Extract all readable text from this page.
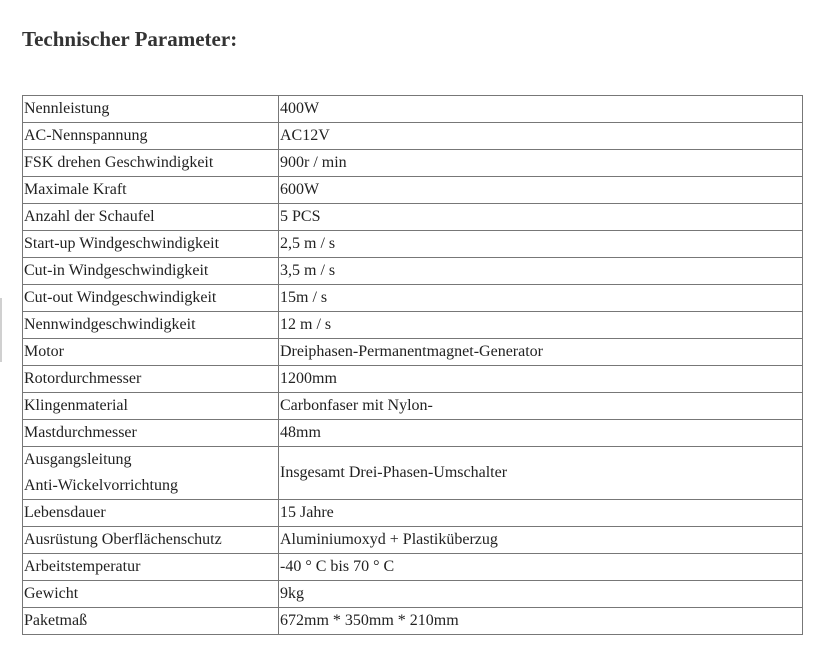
Technischer Parameter:
Nennleistung	400W
AC-Nennspannung	AC12V
FSK drehen Geschwindigkeit	900r / min
Maximale Kraft	600W
Anzahl der Schaufel	5 PCS
Start-up Windgeschwindigkeit	2,5 m / s
Cut-in Windgeschwindigkeit	3,5 m / s
Cut-out Windgeschwindigkeit	15m / s
Nennwindgeschwindigkeit	12 m / s
Motor	Dreiphasen-Permanentmagnet-Generator
Rotordurchmesser	1200mm
Klingenmaterial	Carbonfaser mit Nylon-
Mastdurchmesser	48mm

Ausgangsleitung
Anti-Wickelvorrichtung	Insgesamt Drei-Phasen-Umschalter
Lebensdauer	15 Jahre
Ausrüstung Oberflächenschutz	Aluminiumoxyd + Plastiküberzug
Arbeitstemperatur	-40 ° C bis 70 ° C
Gewicht	9kg
Paketmaß	672mm * 350mm * 210mm
